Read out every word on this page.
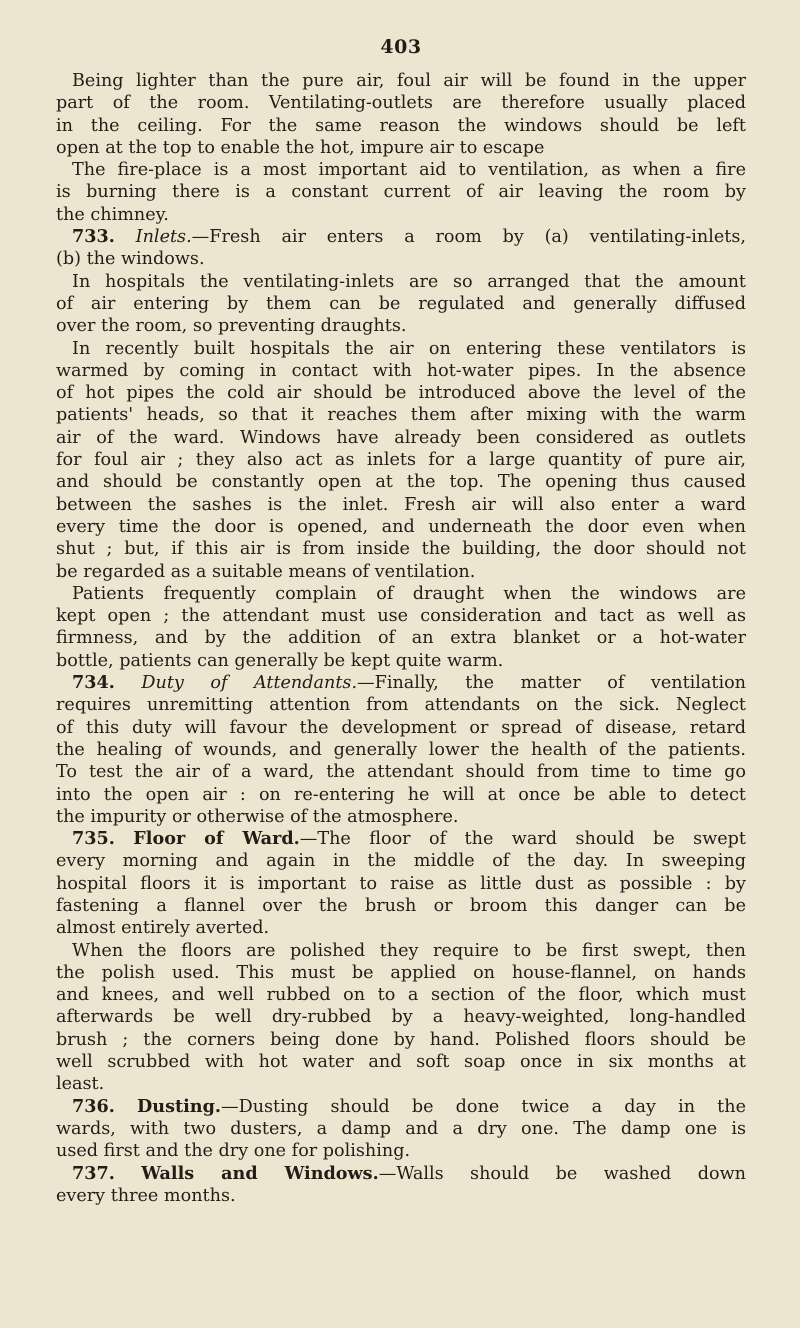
403
Being lighter than the pure air, foul air will be found in the upper
part of the room. Ventilating-outlets are therefore usually placed
in the ceiling. For the same reason the windows should be left
open at the top to enable the hot, impure air to escape
The fire-place is a most important aid to ventilation, as when a fire
is burning there is a constant current of air leaving the room by
the chimney.
733. Inlets.—Fresh air enters a room by (a) ventilating-inlets,
(b) the windows.
In hospitals the ventilating-inlets are so arranged that the amount
of air entering by them can be regulated and generally diffused
over the room, so preventing draughts.
In recently built hospitals the air on entering these ventilators is
warmed by coming in contact with hot-water pipes. In the absence
of hot pipes the cold air should be introduced above the level of the
patients' heads, so that it reaches them after mixing with the warm
air of the ward. Windows have already been considered as outlets
for foul air ; they also act as inlets for a large quantity of pure air,
and should be constantly open at the top. The opening thus caused
between the sashes is the inlet. Fresh air will also enter a ward
every time the door is opened, and underneath the door even when
shut ; but, if this air is from inside the building, the door should not
be regarded as a suitable means of ventilation.
Patients frequently complain of draught when the windows are
kept open ; the attendant must use consideration and tact as well as
firmness, and by the addition of an extra blanket or a hot-water
bottle, patients can generally be kept quite warm.
734. Duty of Attendants.—Finally, the matter of ventilation
requires unremitting attention from attendants on the sick. Neglect
of this duty will favour the development or spread of disease, retard
the healing of wounds, and generally lower the health of the patients.
To test the air of a ward, the attendant should from time to time go
into the open air : on re-entering he will at once be able to detect
the impurity or otherwise of the atmosphere.
735. Floor of Ward.—The floor of the ward should be swept
every morning and again in the middle of the day. In sweeping
hospital floors it is important to raise as little dust as possible : by
fastening a flannel over the brush or broom this danger can be
almost entirely averted.
When the floors are polished they require to be first swept, then
the polish used. This must be applied on house-flannel, on hands
and knees, and well rubbed on to a section of the floor, which must
afterwards be well dry-rubbed by a heavy-weighted, long-handled
brush ; the corners being done by hand. Polished floors should be
well scrubbed with hot water and soft soap once in six months at
least.
736. Dusting.—Dusting should be done twice a day in the
wards, with two dusters, a damp and a dry one. The damp one is
used first and the dry one for polishing.
737. Walls and Windows.—Walls should be washed down
every three months.
